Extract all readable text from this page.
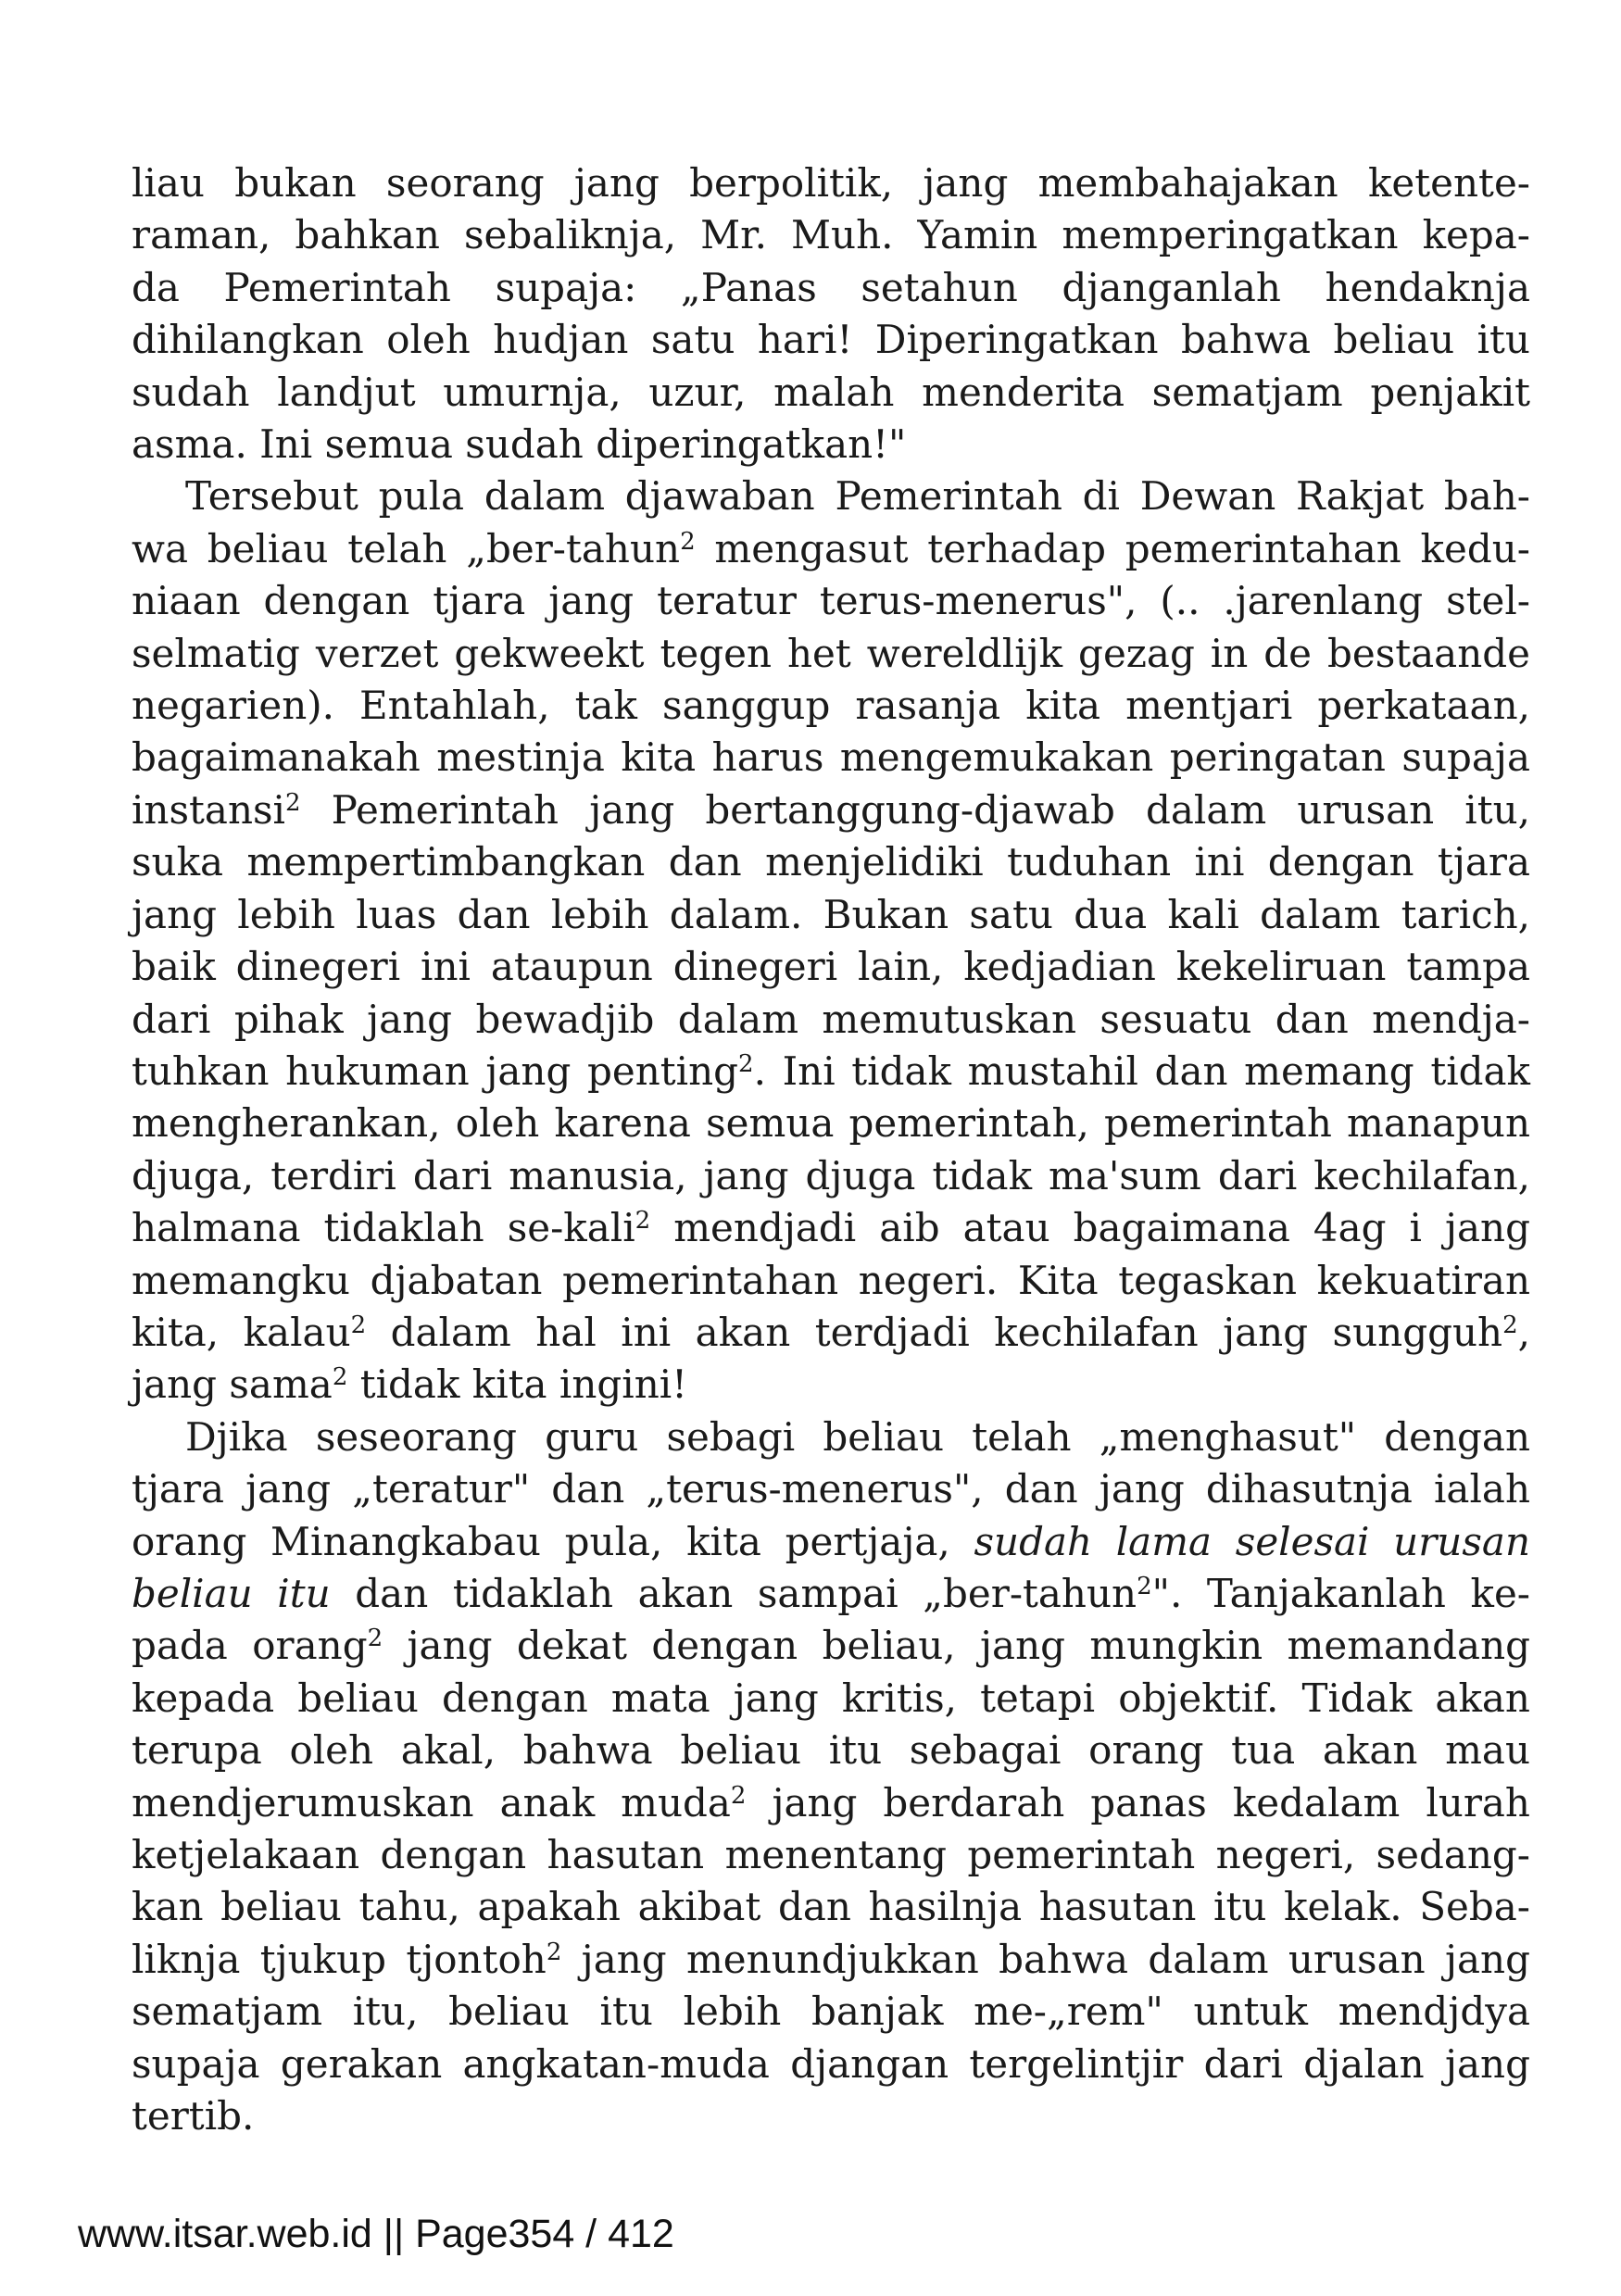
liau bukan seorang jang berpolitik, jang membahajakan ketente-
raman, bahkan sebaliknja, Mr. Muh. Yamin memperingatkan kepa-
da Pemerintah supaja: „Panas setahun djanganlah hendaknja
dihilangkan oleh hudjan satu hari! Diperingatkan bahwa beliau itu
sudah landjut umurnja, uzur, malah menderita sematjam penjakit
asma. Ini semua sudah diperingatkan!"

Tersebut pula dalam djawaban Pemerintah di Dewan Rakjat bah-
wa beliau telah „ber-tahun$^2$ mengasut terhadap pemerintahan kedu-
niaan dengan tjara jang teratur terus-menerus", (.. .jarenlang stel-
selmatig verzet gekweekt tegen het wereldlijk gezag in de bestaande
negarien). Entahlah, tak sanggup rasanja kita mentjari perkataan,
bagaimanakah mestinja kita harus mengemukakan peringatan supaja
instansi$^2$ Pemerintah jang bertanggung-djawab dalam urusan itu,
suka mempertimbangkan dan menjelidiki tuduhan ini dengan tjara
jang lebih luas dan lebih dalam. Bukan satu dua kali dalam tarich,
baik dinegeri ini ataupun dinegeri lain, kedjadian kekeliruan tampa
dari pihak jang bewadjib dalam memutuskan sesuatu dan mendja-
tuhkan hukuman jang penting$^2$. Ini tidak mustahil dan memang tidak
mengherankan, oleh karena semua pemerintah, pemerintah manapun
djuga, terdiri dari manusia, jang djuga tidak ma'sum dari kechilafan,
halmana tidaklah se-kali$^2$ mendjadi aib atau bagaimana 4ag i jang
memangku djabatan pemerintahan negeri. Kita tegaskan kekuatiran
kita, kalau$^2$ dalam hal ini akan terdjadi kechilafan jang sungguh$^2$,
jang sama$^2$ tidak kita ingini!

Djika seseorang guru sebagi beliau telah „menghasut" dengan
tjara jang „teratur" dan „terus-menerus", dan jang dihasutnja ialah
orang Minangkabau pula, kita pertjaja, sudah lama selesai urusan
beliau itu dan tidaklah akan sampai „ber-tahun$^2$". Tanjakanlah ke-
pada orang$^2$ jang dekat dengan beliau, jang mungkin memandang
kepada beliau dengan mata jang kritis, tetapi objektif. Tidak akan
terupa oleh akal, bahwa beliau itu sebagai orang tua akan mau
mendjerumuskan anak muda$^2$ jang berdarah panas kedalam lurah
ketjelakaan dengan hasutan menentang pemerintah negeri, sedang-
kan beliau tahu, apakah akibat dan hasilnja hasutan itu kelak. Seba-
liknja tjukup tjontoh$^2$ jang menundjukkan bahwa dalam urusan jang
sematjam itu, beliau itu lebih banjak me-„rem" untuk mendjdya
supaja gerakan angkatan-muda djangan tergelintjir dari djalan jang
tertib.

www.itsar.web.id || Page354 / 412
